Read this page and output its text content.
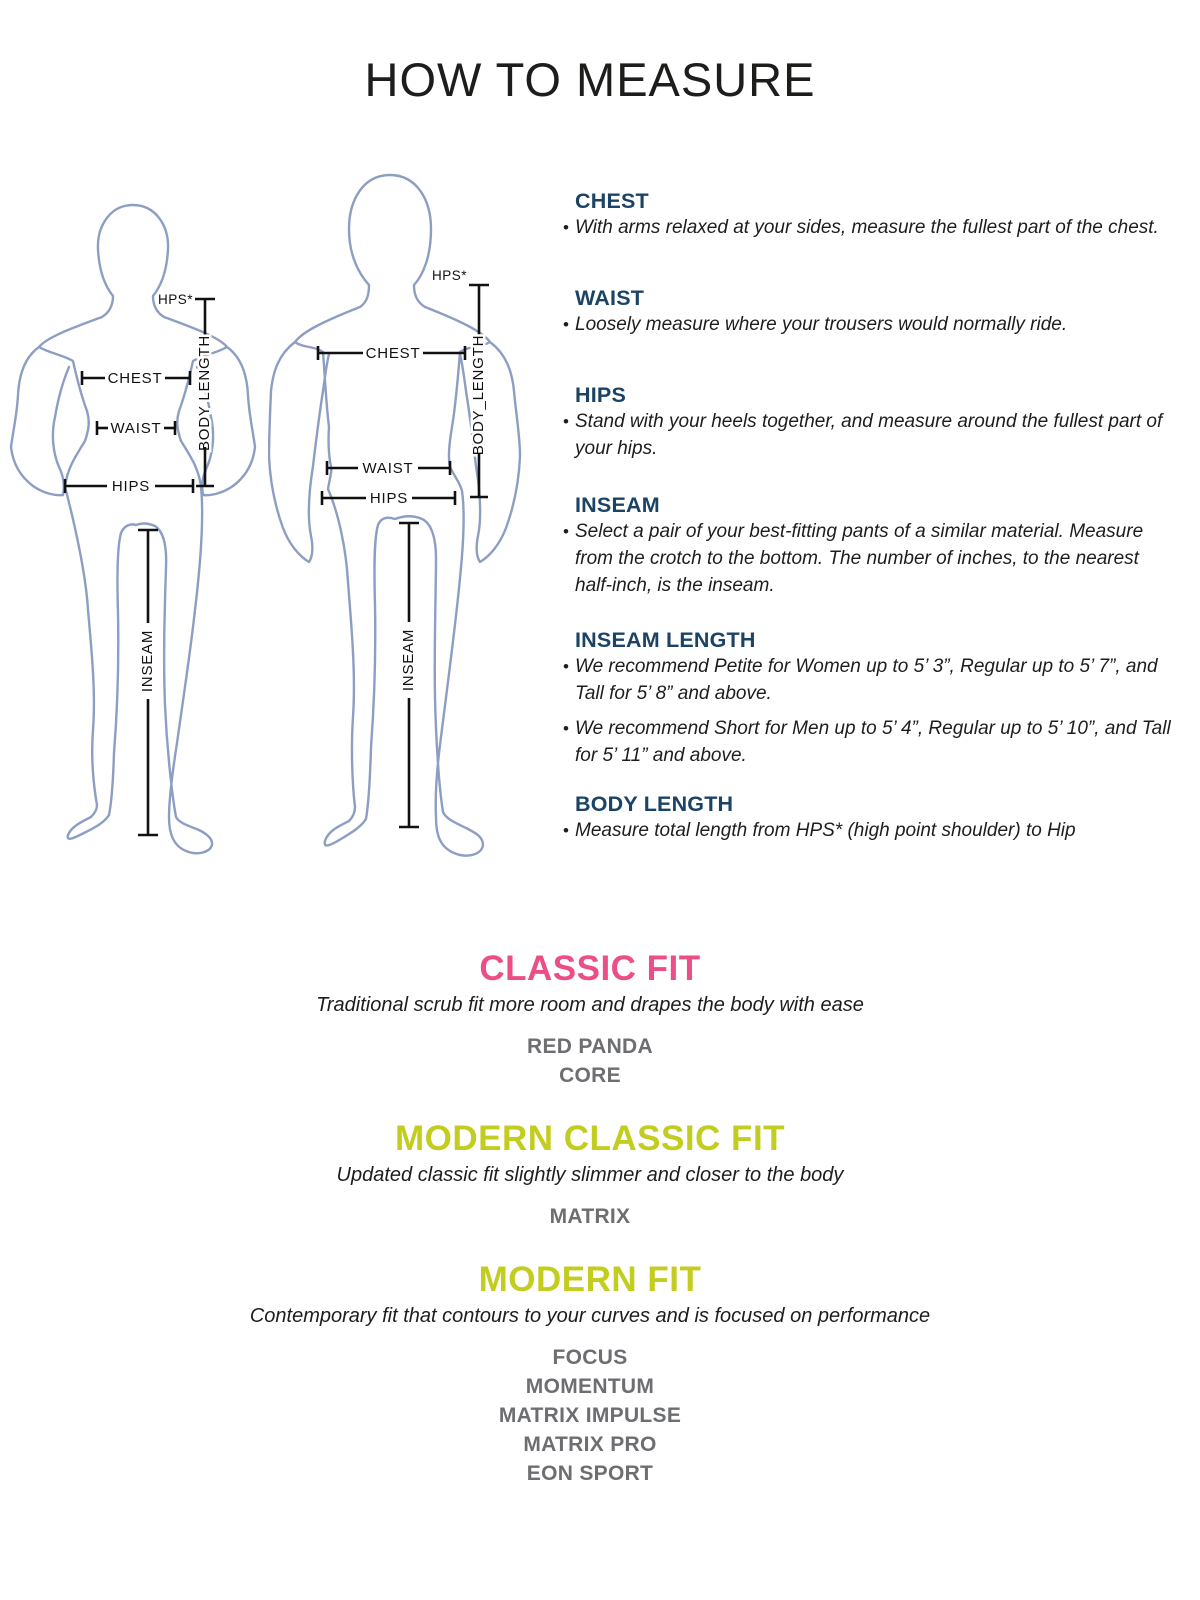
HOW TO MEASURE
HPS*
BODY LENGTH
CHEST
WAIST
HIPS
INSEAM
HPS*
BODY_LENGTH
CHEST
WAIST
HIPS
INSEAM
CHEST
• With arms relaxed at your sides, measure the fullest part of the chest.
WAIST
• Loosely measure where your trousers would normally ride.
HIPS
• Stand with your heels together, and measure around the fullest part of your hips.
INSEAM
• Select a pair of your best-fitting pants of a similar material. Measure from the crotch to the bottom. The number of inches, to the nearest half-inch, is the inseam.
INSEAM LENGTH
• We recommend Petite for Women up to 5’ 3”, Regular up to 5’ 7”, and Tall for 5’ 8” and above.
• We recommend Short for Men up to 5’ 4”, Regular up to 5’ 10”, and Tall for 5’ 11” and above.
BODY LENGTH
• Measure total length from HPS* (high point shoulder) to Hip
CLASSIC FIT
Traditional scrub fit more room and drapes the body with ease
RED PANDA
CORE
MODERN CLASSIC FIT
Updated classic fit slightly slimmer and closer to the body
MATRIX
MODERN FIT
Contemporary fit that contours to your curves and is focused on performance
FOCUS
MOMENTUM
MATRIX IMPULSE
MATRIX PRO
EON SPORT
